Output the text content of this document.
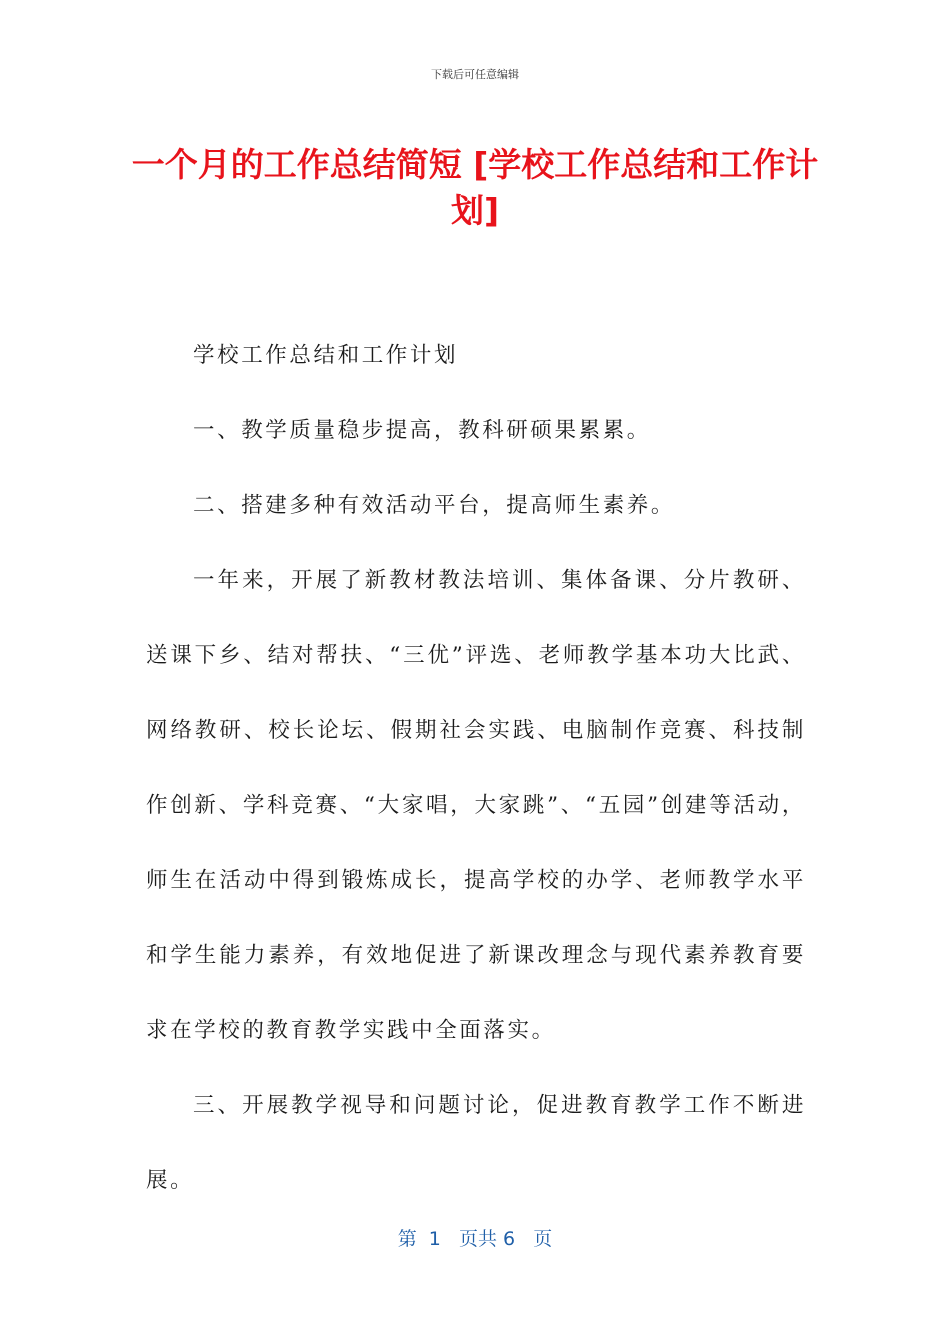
下载后可任意编辑
一个月的工作总结简短 [学校工作总结和工作计划]

学校工作总结和工作计划

一、教学质量稳步提高，教科研硕果累累。

二、搭建多种有效活动平台，提高师生素养。

一年来，开展了新教材教法培训、集体备课、分片教研、送课下乡、结对帮扶、“三优”评选、老师教学基本功大比武、网络教研、校长论坛、假期社会实践、电脑制作竞赛、科技制作创新、学科竞赛、“大家唱，大家跳”、“五园”创建等活动，师生在活动中得到锻炼成长，提高学校的办学、老师教学水平和学生能力素养，有效地促进了新课改理念与现代素养教育要求在学校的教育教学实践中全面落实。

三、开展教学视导和问题讨论，促进教育教学工作不断进展。

第  1   页共 6   页
